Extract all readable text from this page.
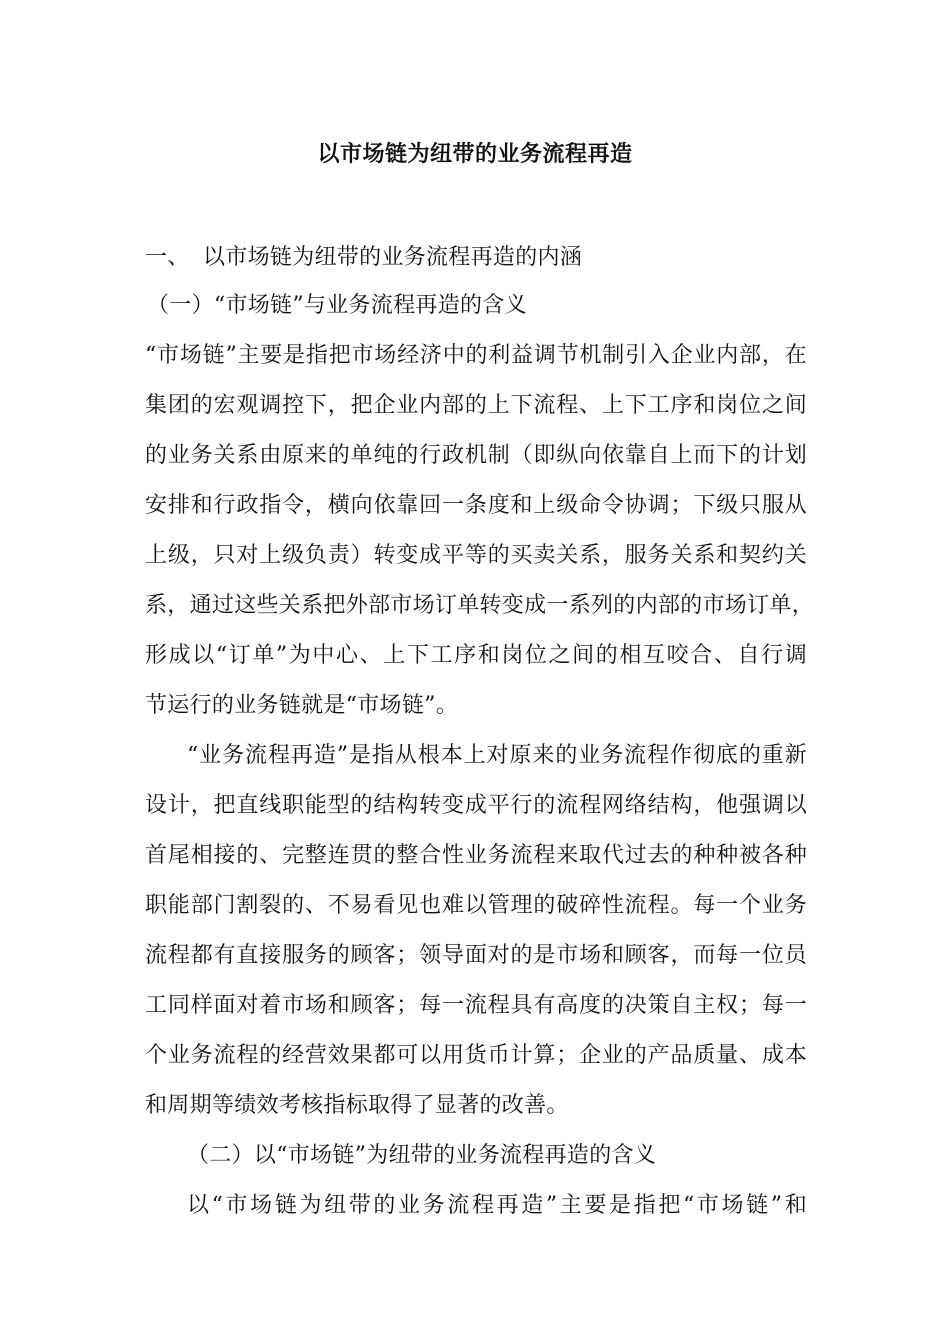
以市场链为纽带的业务流程再造
一、 以市场链为纽带的业务流程再造的内涵
（一）“市场链”与业务流程再造的含义
“市场链”主要是指把市场经济中的利益调节机制引入企业内部，在
集团的宏观调控下，把企业内部的上下流程、上下工序和岗位之间
的业务关系由原来的单纯的行政机制（即纵向依靠自上而下的计划
安排和行政指令，横向依靠回一条度和上级命令协调；下级只服从
上级，只对上级负责）转变成平等的买卖关系，服务关系和契约关
系，通过这些关系把外部市场订单转变成一系列的内部的市场订单，
形成以“订单”为中心、上下工序和岗位之间的相互咬合、自行调
节运行的业务链就是“市场链”。
“业务流程再造”是指从根本上对原来的业务流程作彻底的重新
设计，把直线职能型的结构转变成平行的流程网络结构，他强调以
首尾相接的、完整连贯的整合性业务流程来取代过去的种种被各种
职能部门割裂的、不易看见也难以管理的破碎性流程。每一个业务
流程都有直接服务的顾客；领导面对的是市场和顾客，而每一位员
工同样面对着市场和顾客；每一流程具有高度的决策自主权；每一
个业务流程的经营效果都可以用货币计算；企业的产品质量、成本
和周期等绩效考核指标取得了显著的改善。
（二）以“市场链”为纽带的业务流程再造的含义
以“市场链为纽带的业务流程再造”主要是指把“市场链”和
